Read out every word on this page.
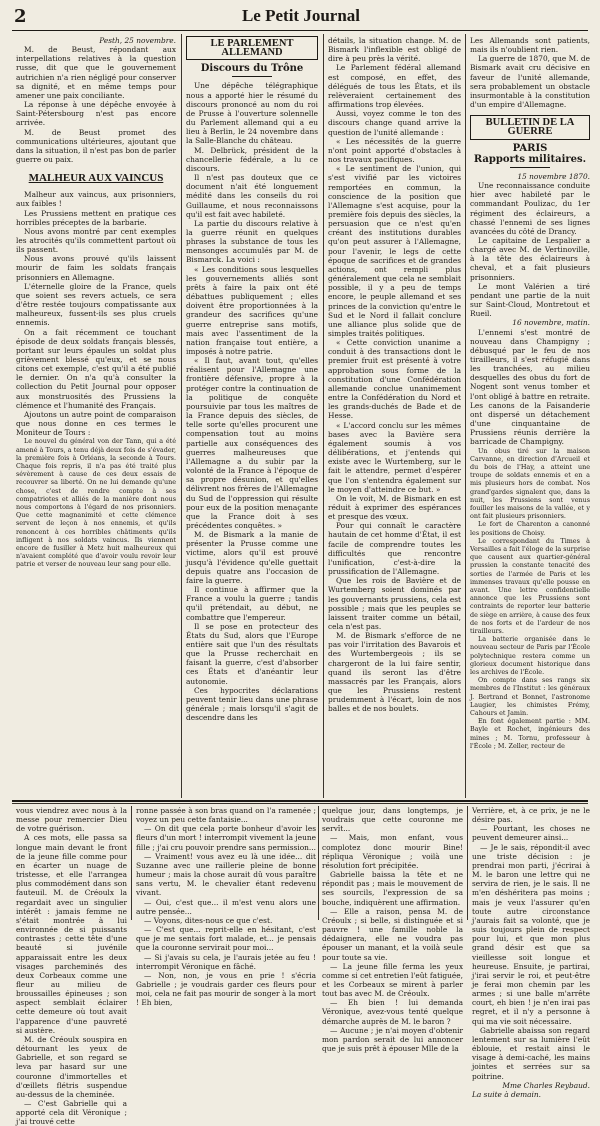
2	Le Petit Journal

Pesth, 25 novembre.

M. de Beust, répondant aux interpellations relatives à la question russe, dit que que le gouvernement autrichien n'a rien négligé pour conserver sa dignité, et en même temps pour amener une paix conciliante.

La réponse à une dépêche envoyée à Saint-Pétersbourg n'est pas encore arrivée.

M. de Beust promet des communications ultérieures, ajoutant que dans la situation, il n'est pas bon de parler guerre ou paix.

MALHEUR AUX VAINCUS

Malheur aux vaincus, aux prisonniers, aux faibles !

Les Prussiens mettent en pratique ces horribles préceptes de la barbarie.

Nous avons montré par cent exemples les atrocités qu'ils commettent partout où ils passent.

Nous avons prouvé qu'ils laissent mourir de faim les soldats français prisonniers en Allemagne.

L'éternelle gloire de la France, quels que soient ses revers actuels, ce sera d'être restée toujours compatissante aux malheureux, fussent-ils ses plus cruels ennemis.

On a fait récemment ce touchant épisode de deux soldats français blessés, portant sur leurs épaules un soldat plus grièvement blessé qu'eux, et se nous citons cet exemple, c'est qu'il a été publié le dernier. On n'a qu'à consulter la collection du Petit Journal pour opposer aux monstruosités des Prussiens la clémence et l'humanité des Français.

Ajoutons un autre point de comparaison que nous donne en ces termes le Moniteur de Tours :

Le nouvel du général von der Tann, qui a été amené à Tours, a tenu déjà deux fois de s'évader, la première fois à Orléans, la seconde à Tours. Chaque fois repris, il n'a pas été traité plus sévèrement à cause de ces deux essais de recouvrer sa liberté. On ne lui demande qu'une chose, c'est de rendre compte à ses compatriotes et alliés de la manière dont nous nous comportons à l'égard de nos prisonniers. Que cette magnanimité et cette clémence servent de leçon à nos ennemis, et qu'ils renoncent à ces horribles châtiments qu'ils infligent à nos soldats vaincus. Ils viennent encore de fusiller à Metz huit malheureux qui n'avaient complété que d'avoir voulu revoir leur patrie et verser de nouveau leur sang pour elle.

LE PARLEMENT ALLEMAND
Discours du Trône

Une dépêche télégraphique nous a apporté hier le résumé du discours prononcé au nom du roi de Prusse à l'ouverture solennelle du Parlement allemand qui a eu lieu à Berlin, le 24 novembre dans la Salle-Blanche du château.

M. Delbrück, président de la chancellerie fédérale, a lu ce discours.

Il n'est pas douteux que ce document n'ait été longuement médité dans les conseils du roi Guillaume, et nous reconnaissons qu'il est fait avec habileté.

La partie du discours relative à la guerre réunit en quelques phrases la substance de tous les mensonges accumulés par M. de Bismarck. La voici :

« Les conditions sous lesquelles les gouvernements alliés sont prêts à faire la paix ont été débattues publiquement ; elles doivent être proportionnées à la grandeur des sacrifices qu'une guerre entreprise sans motifs, mais avec l'assentiment de la nation française tout entière, a imposés à notre patrie.

« Il faut, avant tout, qu'elles réalisent pour l'Allemagne une frontière défensive, propre à la protéger contre la continuation de la politique de conquête poursuivie par tous les maîtres de la France depuis des siècles, de telle sorte qu'elles procurent une compensation tout au moins partielle aux conséquences des guerres malheureuses que l'Allemagne a du subir par la volonté de la France à l'époque de sa propre désunion, et qu'elles délivrent nos frères de l'Allemagne du Sud de l'oppression qui résulte pour eux de la position menaçante que la France doit à ses précédentes conquêtes. »

M. de Bismark a la manie de présenter la Prusse comme une victime, alors qu'il est prouvé jusqu'à l'évidence qu'elle guettait depuis quatre ans l'occasion de faire la guerre.

Il continue à affirmer que la France a voulu la guerre ; tandis qu'il prétendait, au début, ne combattre que l'empereur.

Il se pose en protecteur des États du Sud, alors que l'Europe entière sait que l'un des résultats que la Prusse recherchait en faisant la guerre, c'est d'absorber ces États et d'anéantir leur autonomie.

Ces hypocrites déclarations peuvent tenir lieu dans une phrase générale ; mais lorsqu'il s'agit de descendre dans les

détails, la situation change. M. de Bismark l'inflexible est obligé de dire à peu près la vérité.

Le Parlement fédéral allemand est composé, en effet, des délégués de tous les États, et ils relèveraient certainement des affirmations trop élevées.

Aussi, voyez comme le ton des discours change quand arrive la question de l'unité allemande :

« Les nécessités de la guerre n'ont point apporté d'obstacles à nos travaux pacifiques.

« Le sentiment de l'union, qui s'est vivifié par les victoires remportées en commun, la conscience de la position que l'Allemagne s'est acquise, pour la première fois depuis des siècles, la persuasion que ce n'est qu'en créant des institutions durables qu'on peut assurer à l'Allemagne, pour l'avenir, le legs de cette époque de sacrifices et de grandes actions, ont rempli plus généralement que cela ne semblait possible, il y a peu de temps encore, le peuple allemand et ses princes de la conviction qu'entre le Sud et le Nord il fallait conclure une alliance plus solide que de simples traités politiques.

« Cette conviction unanime a conduit à des transactions dont le premier fruit est présenté à votre approbation sous forme de la constitution d'une Confédération allemande conclue unanimement entre la Confédération du Nord et les grands-duchés de Bade et de Hesse.

« L'accord conclu sur les mêmes bases avec la Bavière sera également soumis à vos délibérations, et j'entends qui existe avec le Wurtemberg, sur le fait le attendre, permet d'espérer que l'on s'entendra également sur le moyen d'atteindre ce but. »

On le voit, M. de Bismark en est réduit à exprimer des espérances et presque des vœux.

Pour qui connaît le caractère hautain de cet homme d'État, il est facile de comprendre toutes les difficultés que rencontre l'unification, c'est-à-dire la prussification de l'Allemagne.

Que les rois de Bavière et de Wurtemberg soient dominés par les gouvernants prussiens, cela est possible ; mais que les peuples se laissent traiter comme un bétail, cela n'est pas.

M. de Bismark s'efforce de ne pas voir l'irritation des Bavarois et des Wurtembergeois ; ils se chargeront de la lui faire sentir, quand ils seront las d'être massacrés par les Français, alors que les Prussiens restent prudemment à l'écart, loin de nos balles et de nos boulets.

Les Allemands sont patients, mais ils n'oublient rien.

La guerre de 1870, que M. de Bismark avait cru décisive en faveur de l'unité allemande, sera probablement un obstacle insurmontable à la constitution d'un empire d'Allemagne.

BULLETIN DE LA GUERRE
PARIS
Rapports militaires.

15 novembre 1870.

Une reconnaissance conduite hier avec habileté par le commandant Poulizac, du 1er régiment des éclaireurs, a chassé l'ennemi de ses lignes avancées du côté de Drancy.

Le capitaine de Lespalier a chargé avec M. de Vertinoville, à la tête des éclaireurs à cheval, et a fait plusieurs prisonniers.

Le mont Valérien a tiré pendant une partie de la nuit sur Saint-Cloud, Montretout et Rueil.

16 novembre, matin.

L'ennemi s'est montré de nouveau dans Champigny ; débusqué par le feu de nos tirailleurs, il s'est réfugié dans les tranchées, au milieu desquelles des obus du fort de Nogent sont venus tomber et l'ont obligé à battre en retraite. Les canons de la Faisanderie ont dispersé un détachement d'une cinquantaine de Prussiens réunis derrière la barricade de Champigny.

Un obus tiré sur la maison Carvanne, en direction d'Arcueil et du bois de l'Hay, a atteint une troupe de soldats ennemis et en a mis plusieurs hors de combat. Nos grand'gardes signalent que, dans la nuit, les Prussiens sont venus fouiller les maisons de la vallée, et y ont fait plusieurs prisonniers.

Le fort de Charenton a canonné les positions de Choisy.

Le correspondant du Times à Versailles a fait l'éloge de la surprise que causent aux quartier-général prussien la constante tenacité des sorties de l'armée de Paris et les immenses travaux qu'elle pousse en avant. Une lettre confidentielle annonce que les Prussiens sont contraints de reporter leur batterie de siège en arrière, à cause des feux de nos forts et de l'ardeur de nos tirailleurs.

La batterie organisée dans le nouveau secteur de Paris par l'École polytechnique restera comme un glorieux document historique dans les archives de l'École.

On compte dans ses rangs six membres de l'Institut : les généraux J. Bertrand et Bonnet, l'astronome Laugier, les chimistes Frémy, Cahours et Jamin.

En font également partie : MM. Bayle et Rochet, ingénieurs des mines ; M. Tornu, professeur à l'École ; M. Zeller, recteur de

vous viendrez avec nous à la messe pour remercier Dieu de votre guérison.

A ces mots, elle passa sa longue main devant le front de la jeune fille comme pour en écarter un nuage de tristesse, et elle l'arrangea plus commodément dans son fauteuil. M. de Créoulx la regardait avec un singulier intérêt : jamais femme ne s'était montrée à lui environnée de si puissants contrastes ; cette tête d'une beauté si juvénile apparaissait entre les deux visages parcheminés des deux Corbeaux comme une fleur au milieu de broussailles épineuses ; son aspect semblait éclairer cette demeure où tout avait l'apparence d'une pauvreté si austère.

M. de Créoulx souspira en détournant les yeux de Gabrielle, et son regard se leva par hasard sur une couronne d'immortelles et d'œillets flétris suspendue au-dessus de la cheminée.

— C'est Gabrielle qui a apporté cela dit Véronique ; j'ai trouvé cette

ronne passée à son bras quand on l'a ramenée ; voyez un peu cette fantaisie...

— On dit que cela porte bonheur d'avoir les fleurs d'un mort ! interrompit vivement la jeune fille ; j'ai cru pouvoir prendre sans permission...

— Vraiment! vous avez eu là une idée... dit Suzanne avec une raillerie pleine de bonne humeur ; mais la chose aurait dû vous paraître sans vertu, M. le chevalier étant redevenu vivant.

— Oui, c'est que... il m'est venu alors une autre pensée...

— Voyons, dites-nous ce que c'est.

— C'est que... reprit-elle en hésitant, c'est que je me sentais fort malade, et... je pensais que la couronne servirait pour moi...

— Si j'avais su cela, je l'aurais jetée au feu ! interrompit Véronique en fâché.

— Non, non, je vous en prie ! s'écria Gabrielle ; je voudrais garder ces fleurs pour moi, cela ne fait pas mourir de songer à la mort ! Eh bien,

quelque jour, dans longtemps, je voudrais que cette couronne me servît...

— Mais, mon enfant, vous complotez donc mourir Bine! répliqua Véronique ; voilà une résolution fort précipitée.

Gabrielle baissa la tête et ne répondit pas ; mais le mouvement de ses sourcils, l'expression de sa bouche, indiquèrent une affirmation.

— Elle a raison, pensa M. de Créoulx ; si belle, si distinguée et si pauvre ! une famille noble la dédaignera, elle ne voudra pas épouser un manant, et la voilà seule pour toute sa vie.

— La jeune fille ferma les yeux comme si cet entretien l'eût fatiguée, et les Corbeaux se mirent à parler tout bas avec M. de Créoulx.

— Eh bien ! lui demanda Véronique, avez-vous tenté quelque démarche auprès de M. le baron ?

— Aucune ; je n'ai moyen d'obtenir mon pardon serait de lui annoncer que je suis prêt à épouser Mlle de la

Verrière, et, à ce prix, je ne le désire pas.

— Pourtant, les choses ne peuvent demeurer ainsi...

— Je le sais, répondit-il avec une triste décision : je prendrai mon parti, j'écrirai à M. le baron une lettre qui ne servira de rien, je le sais. Il ne m'en déshéritera pas moins ; mais je veux l'assurer qu'en toute autre circonstance j'aurais fait sa volonté, que je suis toujours plein de respect pour lui, et que mon plus grand désir est que sa vieillesse soit longue et heureuse. Ensuite, je partirai, j'irai servir le roi, et peut-être je ferai mon chemin par les armes ; si une balle m'arrête court, eh bien ! je n'en irai pas regret, et il n'y a personne à qui ma vie soit nécessaire.

Gabrielle abaissa son regard lentement sur sa lumière l'eût éblouie, et restait ainsi le visage à demi-caché, les mains jointes et serrées sur sa poitrine.

Mme Charles Reybaud.

La suite à demain.
